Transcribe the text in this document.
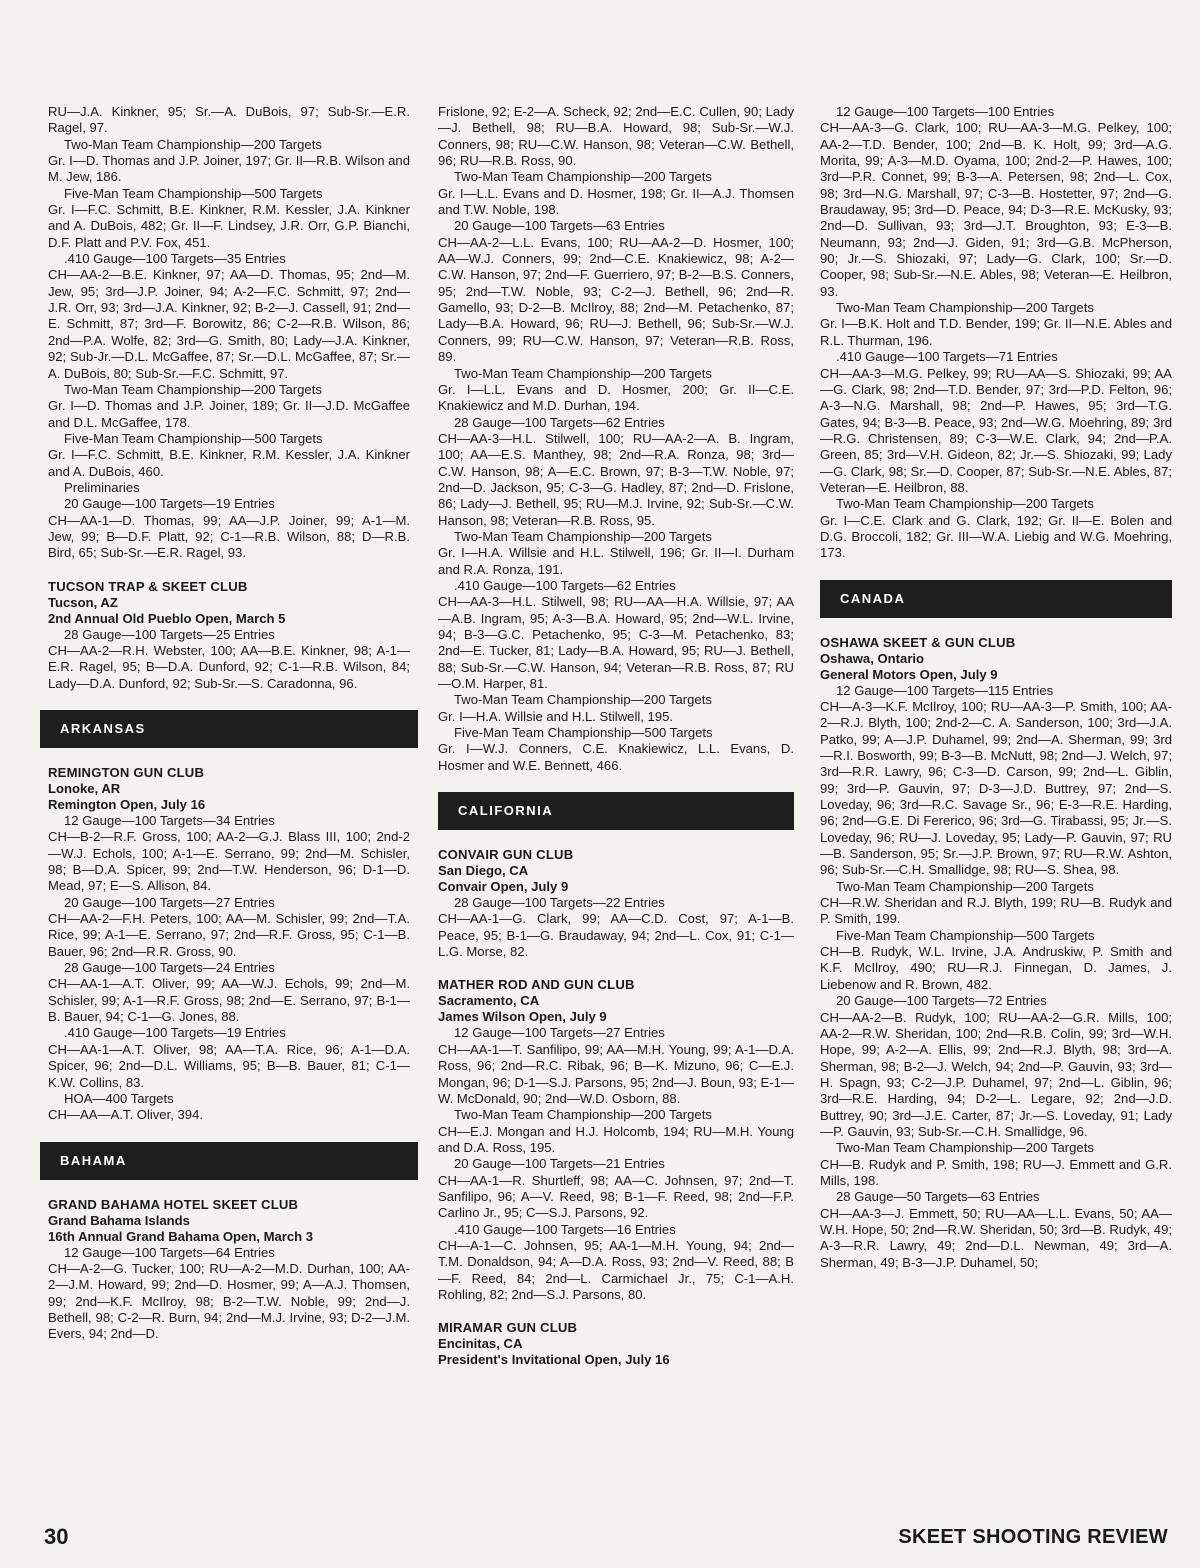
RU—J.A. Kinkner, 95; Sr.—A. DuBois, 97; Sub-Sr.—E.R. Ragel, 97.

Two-Man Team Championship—200 Targets

Gr. I—D. Thomas and J.P. Joiner, 197; Gr. II—R.B. Wilson and M. Jew, 186.

Five-Man Team Championship—500 Targets

Gr. I—F.C. Schmitt, B.E. Kinkner, R.M. Kessler, J.A. Kinkner and A. DuBois, 482; Gr. II—F. Lindsey, J.R. Orr, G.P. Bianchi, D.F. Platt and P.V. Fox, 451.

.410 Gauge—100 Targets—35 Entries

CH—AA-2—B.E. Kinkner, 97; AA—D. Thomas, 95; 2nd—M. Jew, 95; 3rd—J.P. Joiner, 94; A-2—F.C. Schmitt, 97; 2nd—J.R. Orr, 93; 3rd—J.A. Kinkner, 92; B-2—J. Cassell, 91; 2nd—E. Schmitt, 87; 3rd—F. Borowitz, 86; C-2—R.B. Wilson, 86; 2nd—P.A. Wolfe, 82; 3rd—G. Smith, 80; Lady—J.A. Kinkner, 92; Sub-Jr.—D.L. McGaffee, 87; Sr.—D.L. McGaffee, 87; Sr.—A. DuBois, 80; Sub-Sr.—F.C. Schmitt, 97.

Two-Man Team Championship—200 Targets

Gr. I—D. Thomas and J.P. Joiner, 189; Gr. II—J.D. McGaffee and D.L. McGaffee, 178.

Five-Man Team Championship—500 Targets

Gr. I—F.C. Schmitt, B.E. Kinkner, R.M. Kessler, J.A. Kinkner and A. DuBois, 460.

Preliminaries

20 Gauge—100 Targets—19 Entries

CH—AA-1—D. Thomas, 99; AA—J.P. Joiner, 99; A-1—M. Jew, 99; B—D.F. Platt, 92; C-1—R.B. Wilson, 88; D—R.B. Bird, 65; Sub-Sr.—E.R. Ragel, 93.

TUCSON TRAP & SKEET CLUB
Tucson, AZ
2nd Annual Old Pueblo Open, March 5

28 Gauge—100 Targets—25 Entries

CH—AA-2—R.H. Webster, 100; AA—B.E. Kinkner, 98; A-1—E.R. Ragel, 95; B—D.A. Dunford, 92; C-1—R.B. Wilson, 84; Lady—D.A. Dunford, 92; Sub-Sr.—S. Caradonna, 96.

ARKANSAS
REMINGTON GUN CLUB
Lonoke, AR
Remington Open, July 16

12 Gauge—100 Targets—34 Entries

CH—B-2—R.F. Gross, 100; AA-2—G.J. Blass III, 100; 2nd-2—W.J. Echols, 100; A-1—E. Serrano, 99; 2nd—M. Schisler, 98; B—D.A. Spicer, 99; 2nd—T.W. Henderson, 96; D-1—D. Mead, 97; E—S. Allison, 84.

20 Gauge—100 Targets—27 Entries

CH—AA-2—F.H. Peters, 100; AA—M. Schisler, 99; 2nd—T.A. Rice, 99; A-1—E. Serrano, 97; 2nd—R.F. Gross, 95; C-1—B. Bauer, 96; 2nd—R.R. Gross, 90.

28 Gauge—100 Targets—24 Entries

CH—AA-1—A.T. Oliver, 99; AA—W.J. Echols, 99; 2nd—M. Schisler, 99; A-1—R.F. Gross, 98; 2nd—E. Serrano, 97; B-1—B. Bauer, 94; C-1—G. Jones, 88.

.410 Gauge—100 Targets—19 Entries

CH—AA-1—A.T. Oliver, 98; AA—T.A. Rice, 96; A-1—D.A. Spicer, 96; 2nd—D.L. Williams, 95; B—B. Bauer, 81; C-1—K.W. Collins, 83.

HOA—400 Targets

CH—AA—A.T. Oliver, 394.

BAHAMA
GRAND BAHAMA HOTEL SKEET CLUB
Grand Bahama Islands
16th Annual Grand Bahama Open, March 3

12 Gauge—100 Targets—64 Entries

CH—A-2—G. Tucker, 100; RU—A-2—M.D. Durhan, 100; AA-2—J.M. Howard, 99; 2nd—D. Hosmer, 99; A—A.J. Thomsen, 99; 2nd—K.F. McIlroy, 98; B-2—T.W. Noble, 99; 2nd—J. Bethell, 98; C-2—R. Burn, 94; 2nd—M.J. Irvine, 93; D-2—J.M. Evers, 94; 2nd—D.

Frislone, 92; E-2—A. Scheck, 92; 2nd—E.C. Cullen, 90; Lady—J. Bethell, 98; RU—B.A. Howard, 98; Sub-Sr.—W.J. Conners, 98; RU—C.W. Hanson, 98; Veteran—C.W. Bethell, 96; RU—R.B. Ross, 90.

Two-Man Team Championship—200 Targets

Gr. I—L.L. Evans and D. Hosmer, 198; Gr. II—A.J. Thomsen and T.W. Noble, 198.

20 Gauge—100 Targets—63 Entries

CH—AA-2—L.L. Evans, 100; RU—AA-2—D. Hosmer, 100; AA—W.J. Conners, 99; 2nd—C.E. Knakiewicz, 98; A-2—C.W. Hanson, 97; 2nd—F. Guerriero, 97; B-2—B.S. Conners, 95; 2nd—T.W. Noble, 93; C-2—J. Bethell, 96; 2nd—R. Gamello, 93; D-2—B. McIlroy, 88; 2nd—M. Petachenko, 87; Lady—B.A. Howard, 96; RU—J. Bethell, 96; Sub-Sr.—W.J. Conners, 99; RU—C.W. Hanson, 97; Veteran—R.B. Ross, 89.

Two-Man Team Championship—200 Targets

Gr. I—L.L. Evans and D. Hosmer, 200; Gr. II—C.E. Knakiewicz and M.D. Durhan, 194.

28 Gauge—100 Targets—62 Entries

CH—AA-3—H.L. Stilwell, 100; RU—AA-2—A. B. Ingram, 100; AA—E.S. Manthey, 98; 2nd—R.A. Ronza, 98; 3rd—C.W. Hanson, 98; A—E.C. Brown, 97; B-3—T.W. Noble, 97; 2nd—D. Jackson, 95; C-3—G. Hadley, 87; 2nd—D. Frislone, 86; Lady—J. Bethell, 95; RU—M.J. Irvine, 92; Sub-Sr.—C.W. Hanson, 98; Veteran—R.B. Ross, 95.

Two-Man Team Championship—200 Targets

Gr. I—H.A. Willsie and H.L. Stilwell, 196; Gr. II—I. Durham and R.A. Ronza, 191.

.410 Gauge—100 Targets—62 Entries

CH—AA-3—H.L. Stilwell, 98; RU—AA—H.A. Willsie, 97; AA—A.B. Ingram, 95; A-3—B.A. Howard, 95; 2nd—W.L. Irvine, 94; B-3—G.C. Petachenko, 95; C-3—M. Petachenko, 83; 2nd—E. Tucker, 81; Lady—B.A. Howard, 95; RU—J. Bethell, 88; Sub-Sr.—C.W. Hanson, 94; Veteran—R.B. Ross, 87; RU—O.M. Harper, 81.

Two-Man Team Championship—200 Targets

Gr. I—H.A. Willsie and H.L. Stilwell, 195.

Five-Man Team Championship—500 Targets

Gr. I—W.J. Conners, C.E. Knakiewicz, L.L. Evans, D. Hosmer and W.E. Bennett, 466.

CALIFORNIA
CONVAIR GUN CLUB
San Diego, CA
Convair Open, July 9

28 Gauge—100 Targets—22 Entries

CH—AA-1—G. Clark, 99; AA—C.D. Cost, 97; A-1—B. Peace, 95; B-1—G. Braudaway, 94; 2nd—L. Cox, 91; C-1—L.G. Morse, 82.

MATHER ROD AND GUN CLUB
Sacramento, CA
James Wilson Open, July 9

12 Gauge—100 Targets—27 Entries

CH—AA-1—T. Sanfilipo, 99; AA—M.H. Young, 99; A-1—D.A. Ross, 96; 2nd—R.C. Ribak, 96; B—K. Mizuno, 96; C—E.J. Mongan, 96; D-1—S.J. Parsons, 95; 2nd—J. Boun, 93; E-1—W. McDonald, 90; 2nd—W.D. Osborn, 88.

Two-Man Team Championship—200 Targets

CH—E.J. Mongan and H.J. Holcomb, 194; RU—M.H. Young and D.A. Ross, 195.

20 Gauge—100 Targets—21 Entries

CH—AA-1—R. Shurtleff, 98; AA—C. Johnsen, 97; 2nd—T. Sanfilipo, 96; A—V. Reed, 98; B-1—F. Reed, 98; 2nd—F.P. Carlino Jr., 95; C—S.J. Parsons, 92.

.410 Gauge—100 Targets—16 Entries

CH—A-1—C. Johnsen, 95; AA-1—M.H. Young, 94; 2nd—T.M. Donaldson, 94; A—D.A. Ross, 93; 2nd—V. Reed, 88; B—F. Reed, 84; 2nd—L. Carmichael Jr., 75; C-1—A.H. Rohling, 82; 2nd—S.J. Parsons, 80.

MIRAMAR GUN CLUB
Encinitas, CA
President's Invitational Open, July 16

12 Gauge—100 Targets—100 Entries

CH—AA-3—G. Clark, 100; RU—AA-3—M.G. Pelkey, 100; AA-2—T.D. Bender, 100; 2nd—B. K. Holt, 99; 3rd—A.G. Morita, 99; A-3—M.D. Oyama, 100; 2nd-2—P. Hawes, 100; 3rd—P.R. Connet, 99; B-3—A. Petersen, 98; 2nd—L. Cox, 98; 3rd—N.G. Marshall, 97; C-3—B. Hostetter, 97; 2nd—G. Braudaway, 95; 3rd—D. Peace, 94; D-3—R.E. McKusky, 93; 2nd—D. Sullivan, 93; 3rd—J.T. Broughton, 93; E-3—B. Neumann, 93; 2nd—J. Giden, 91; 3rd—G.B. McPherson, 90; Jr.—S. Shiozaki, 97; Lady—G. Clark, 100; Sr.—D. Cooper, 98; Sub-Sr.—N.E. Ables, 98; Veteran—E. Heilbron, 93.

Two-Man Team Championship—200 Targets

Gr. I—B.K. Holt and T.D. Bender, 199; Gr. II—N.E. Ables and R.L. Thurman, 196.

.410 Gauge—100 Targets—71 Entries

CH—AA-3—M.G. Pelkey, 99; RU—AA—S. Shiozaki, 99; AA—G. Clark, 98; 2nd—T.D. Bender, 97; 3rd—P.D. Felton, 96; A-3—N.G. Marshall, 98; 2nd—P. Hawes, 95; 3rd—T.G. Gates, 94; B-3—B. Peace, 93; 2nd—W.G. Moehring, 89; 3rd—R.G. Christensen, 89; C-3—W.E. Clark, 94; 2nd—P.A. Green, 85; 3rd—V.H. Gideon, 82; Jr.—S. Shiozaki, 99; Lady—G. Clark, 98; Sr.—D. Cooper, 87; Sub-Sr.—N.E. Ables, 87; Veteran—E. Heilbron, 88.

Two-Man Team Championship—200 Targets

Gr. I—C.E. Clark and G. Clark, 192; Gr. II—E. Bolen and D.G. Broccoli, 182; Gr. III—W.A. Liebig and W.G. Moehring, 173.

CANADA
OSHAWA SKEET & GUN CLUB
Oshawa, Ontario
General Motors Open, July 9

12 Gauge—100 Targets—115 Entries

CH—A-3—K.F. McIlroy, 100; RU—AA-3—P. Smith, 100; AA-2—R.J. Blyth, 100; 2nd-2—C. A. Sanderson, 100; 3rd—J.A. Patko, 99; A—J.P. Duhamel, 99; 2nd—A. Sherman, 99; 3rd—R.I. Bosworth, 99; B-3—B. McNutt, 98; 2nd—J. Welch, 97; 3rd—R.R. Lawry, 96; C-3—D. Carson, 99; 2nd—L. Giblin, 99; 3rd—P. Gauvin, 97; D-3—J.D. Buttrey, 97; 2nd—S. Loveday, 96; 3rd—R.C. Savage Sr., 96; E-3—R.E. Harding, 96; 2nd—G.E. Di Fererico, 96; 3rd—G. Tirabassi, 95; Jr.—S. Loveday, 96; RU—J. Loveday, 95; Lady—P. Gauvin, 97; RU—B. Sanderson, 95; Sr.—J.P. Brown, 97; RU—R.W. Ashton, 96; Sub-Sr.—C.H. Smallidge, 98; RU—S. Shea, 98.

Two-Man Team Championship—200 Targets

CH—R.W. Sheridan and R.J. Blyth, 199; RU—B. Rudyk and P. Smith, 199.

Five-Man Team Championship—500 Targets

CH—B. Rudyk, W.L. Irvine, J.A. Andruskiw, P. Smith and K.F. McIlroy, 490; RU—R.J. Finnegan, D. James, J. Liebenow and R. Brown, 482.

20 Gauge—100 Targets—72 Entries

CH—AA-2—B. Rudyk, 100; RU—AA-2—G.R. Mills, 100; AA-2—R.W. Sheridan, 100; 2nd—R.B. Colin, 99; 3rd—W.H. Hope, 99; A-2—A. Ellis, 99; 2nd—R.J. Blyth, 98; 3rd—A. Sherman, 98; B-2—J. Welch, 94; 2nd—P. Gauvin, 93; 3rd—H. Spagn, 93; C-2—J.P. Duhamel, 97; 2nd—L. Giblin, 96; 3rd—R.E. Harding, 94; D-2—L. Legare, 92; 2nd—J.D. Buttrey, 90; 3rd—J.E. Carter, 87; Jr.—S. Loveday, 91; Lady—P. Gauvin, 93; Sub-Sr.—C.H. Smallidge, 96.

Two-Man Team Championship—200 Targets

CH—B. Rudyk and P. Smith, 198; RU—J. Emmett and G.R. Mills, 198.

28 Gauge—50 Targets—63 Entries

CH—AA-3—J. Emmett, 50; RU—AA—L.L. Evans, 50; AA—W.H. Hope, 50; 2nd—R.W. Sheridan, 50; 3rd—B. Rudyk, 49; A-3—R.R. Lawry, 49; 2nd—D.L. Newman, 49; 3rd—A. Sherman, 49; B-3—J.P. Duhamel, 50;

30	SKEET SHOOTING REVIEW
